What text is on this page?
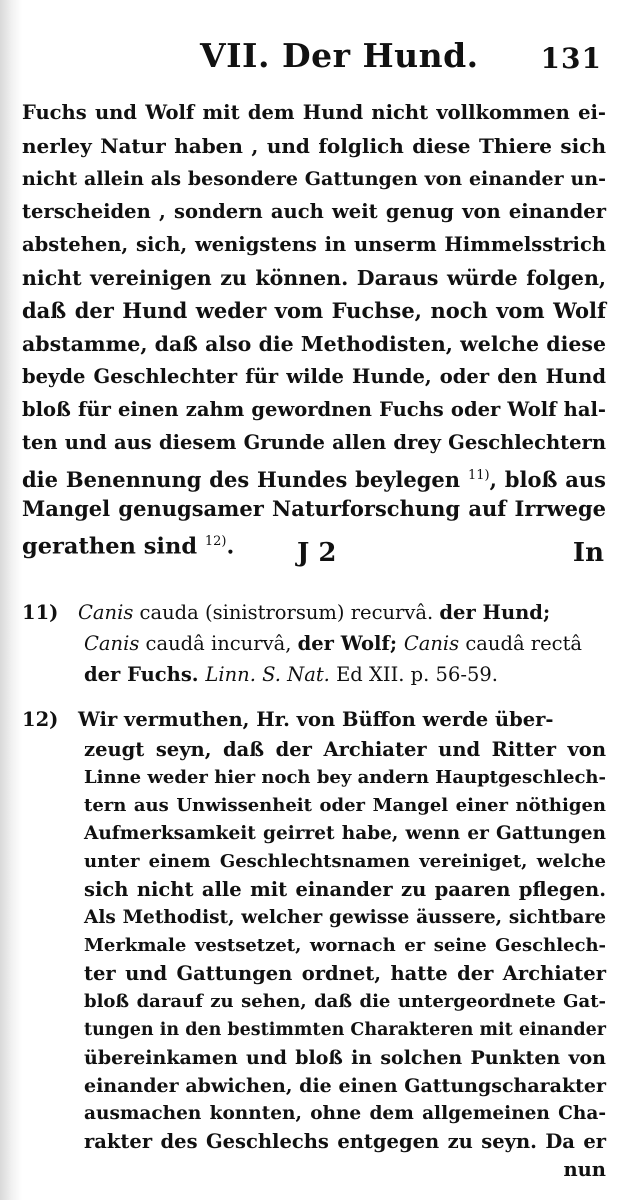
VII. Der Hund. 131
Fuchs und Wolf mit dem Hund nicht vollkommen ei-
nerley Natur haben , und folglich diese Thiere sich
nicht allein als besondere Gattungen von einander un-
terscheiden , sondern auch weit genug von einander
abstehen, sich, wenigstens in unserm Himmelsstrich
nicht vereinigen zu können. Daraus würde folgen,
daß der Hund weder vom Fuchse, noch vom Wolf
abstamme, daß also die Methodisten, welche diese
beyde Geschlechter für wilde Hunde, oder den Hund
bloß für einen zahm gewordnen Fuchs oder Wolf hal-
ten und aus diesem Grunde allen drey Geschlechtern
die Benennung des Hundes beylegen $^{11)}$, bloß aus
Mangel genugsamer Naturforschung auf Irrwege
gerathen sind $^{12)}$. J 2	In
11) Canis cauda (sinistrorsum) recurvâ. der Hund;
Canis caudâ incurvâ, der Wolf; Canis caudâ rectâ
der Fuchs. Linn. S. Nat. Ed XII. p. 56-59.
12) Wir vermuthen, Hr. von Büffon werde über-
zeugt seyn, daß der Archiater und Ritter von
Linne weder hier noch bey andern Hauptgeschlech-
tern aus Unwissenheit oder Mangel einer nöthigen
Aufmerksamkeit geirret habe, wenn er Gattungen
unter einem Geschlechtsnamen vereiniget, welche
sich nicht alle mit einander zu paaren pflegen.
Als Methodist, welcher gewisse äussere, sichtbare
Merkmale vestsetzet, wornach er seine Geschlech-
ter und Gattungen ordnet, hatte der Archiater
bloß darauf zu sehen, daß die untergeordnete Gat-
tungen in den bestimmten Charakteren mit einander
übereinkamen und bloß in solchen Punkten von
einander abwichen, die einen Gattungscharakter
ausmachen konnten, ohne dem allgemeinen Cha-
rakter des Geschlechs entgegen zu seyn. Da er
nun
